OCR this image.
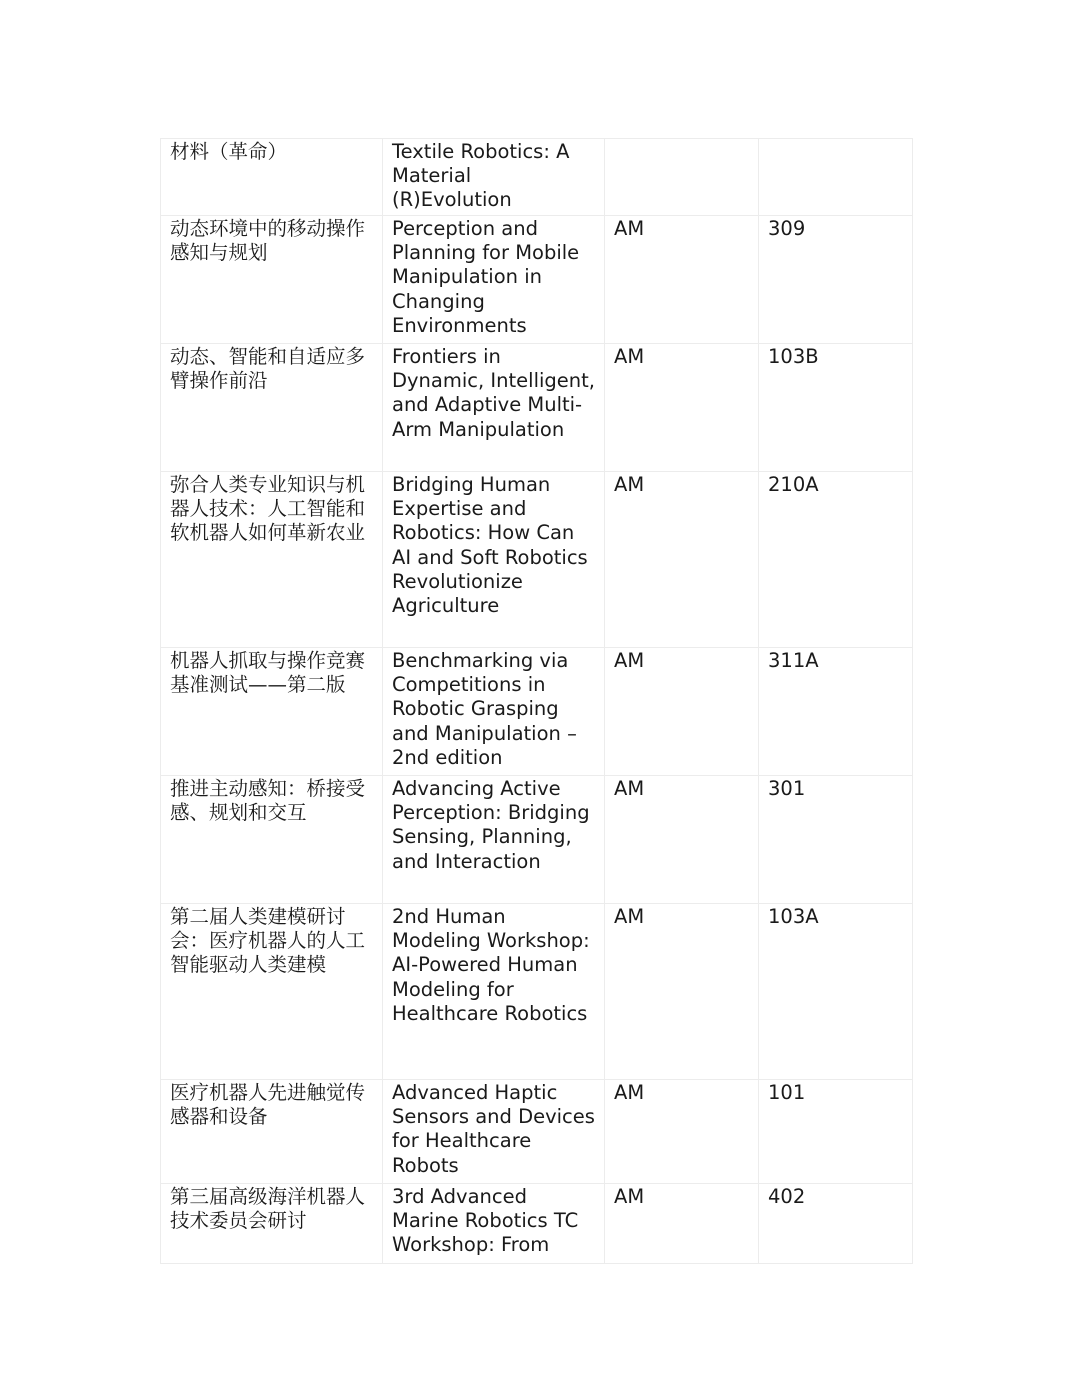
材料（革命）	Textile Robotics: A Material (R)Evolution		
动态环境中的移动操作感知与规划	Perception and Planning for Mobile Manipulation in Changing Environments	AM	309
动态、智能和自适应多臂操作前沿	Frontiers in Dynamic, Intelligent, and Adaptive Multi-Arm Manipulation	AM	103B
弥合人类专业知识与机器人技术：人工智能和软机器人如何革新农业	Bridging Human Expertise and Robotics: How Can AI and Soft Robotics Revolutionize Agriculture	AM	210A
机器人抓取与操作竞赛基准测试——第二版	Benchmarking via Competitions in Robotic Grasping and Manipulation – 2nd edition	AM	311A
推进主动感知：桥接受感、规划和交互	Advancing Active Perception: Bridging Sensing, Planning, and Interaction	AM	301
第二届人类建模研讨会：医疗机器人的人工智能驱动人类建模	2nd Human Modeling Workshop: AI-Powered Human Modeling for Healthcare Robotics	AM	103A
医疗机器人先进触觉传感器和设备	Advanced Haptic Sensors and Devices for Healthcare Robots	AM	101
第三届高级海洋机器人技术委员会研讨	3rd Advanced Marine Robotics TC Workshop: From	AM	402
